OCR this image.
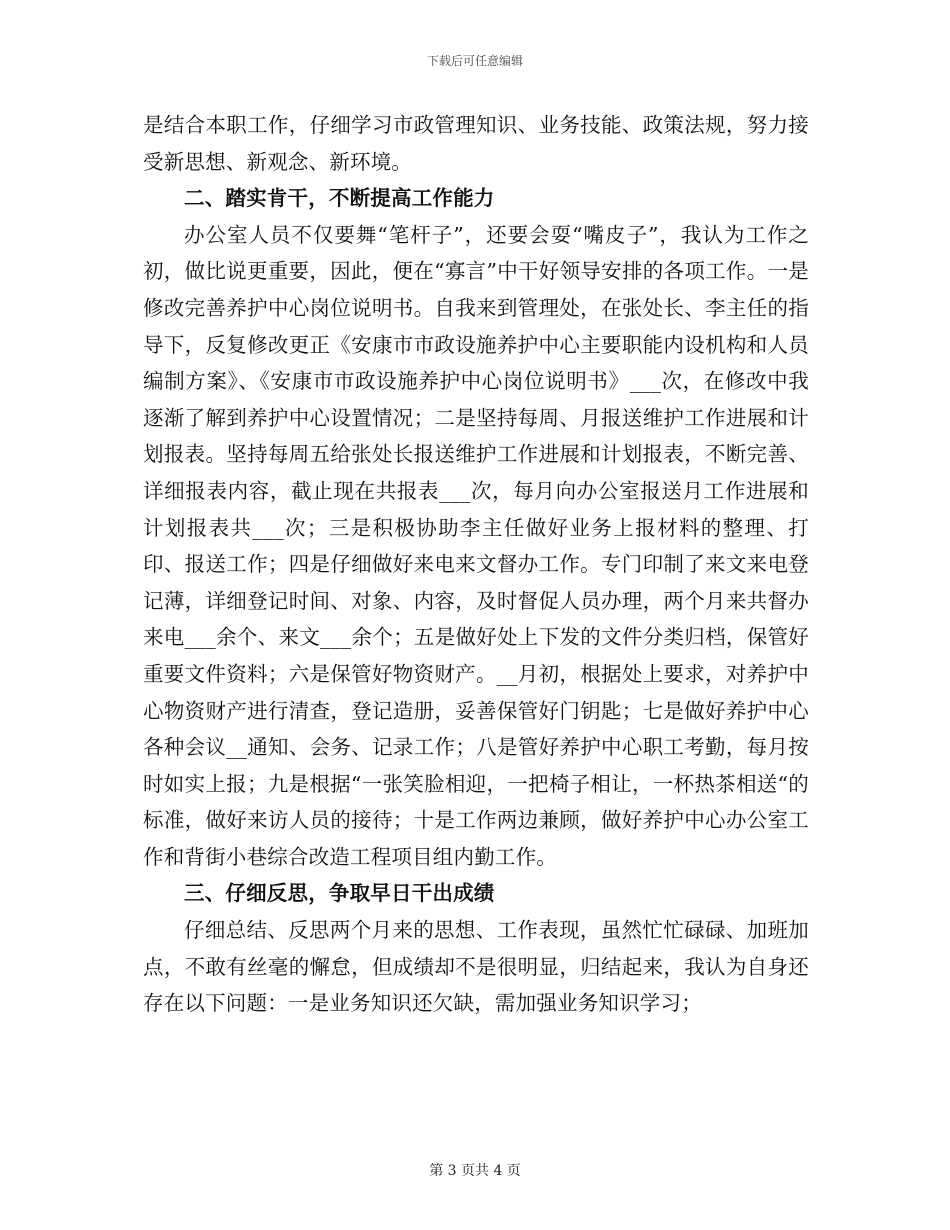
下载后可任意编辑

是结合本职工作，仔细学习市政管理知识、业务技能、政策法规，努力接受新思想、新观念、新环境。

二、踏实肯干，不断提高工作能力

办公室人员不仅要舞“笔杆子”，还要会耍“嘴皮子”，我认为工作之初，做比说更重要，因此，便在“寡言”中干好领导安排的各项工作。一是修改完善养护中心岗位说明书。自我来到管理处，在张处长、李主任的指导下，反复修改更正《安康市市政设施养护中心主要职能内设机构和人员编制方案》、《安康市市政设施养护中心岗位说明书》___次，在修改中我逐渐了解到养护中心设置情况；二是坚持每周、月报送维护工作进展和计划报表。坚持每周五给张处长报送维护工作进展和计划报表，不断完善、详细报表内容，截止现在共报表___次，每月向办公室报送月工作进展和计划报表共___次；三是积极协助李主任做好业务上报材料的整理、打印、报送工作；四是仔细做好来电来文督办工作。专门印制了来文来电登记薄，详细登记时间、对象、内容，及时督促人员办理，两个月来共督办来电___余个、来文___余个；五是做好处上下发的文件分类归档，保管好重要文件资料；六是保管好物资财产。__月初，根据处上要求，对养护中心物资财产进行清查，登记造册，妥善保管好门钥匙；七是做好养护中心各种会议__通知、会务、记录工作；八是管好养护中心职工考勤，每月按时如实上报；九是根据“一张笑脸相迎，一把椅子相让，一杯热茶相送“的标准，做好来访人员的接待；十是工作两边兼顾，做好养护中心办公室工作和背街小巷综合改造工程项目组内勤工作。

三、仔细反思，争取早日干出成绩

仔细总结、反思两个月来的思想、工作表现，虽然忙忙碌碌、加班加点，不敢有丝毫的懈怠，但成绩却不是很明显，归结起来，我认为自身还存在以下问题：一是业务知识还欠缺，需加强业务知识学习；

第 3 页共 4 页
